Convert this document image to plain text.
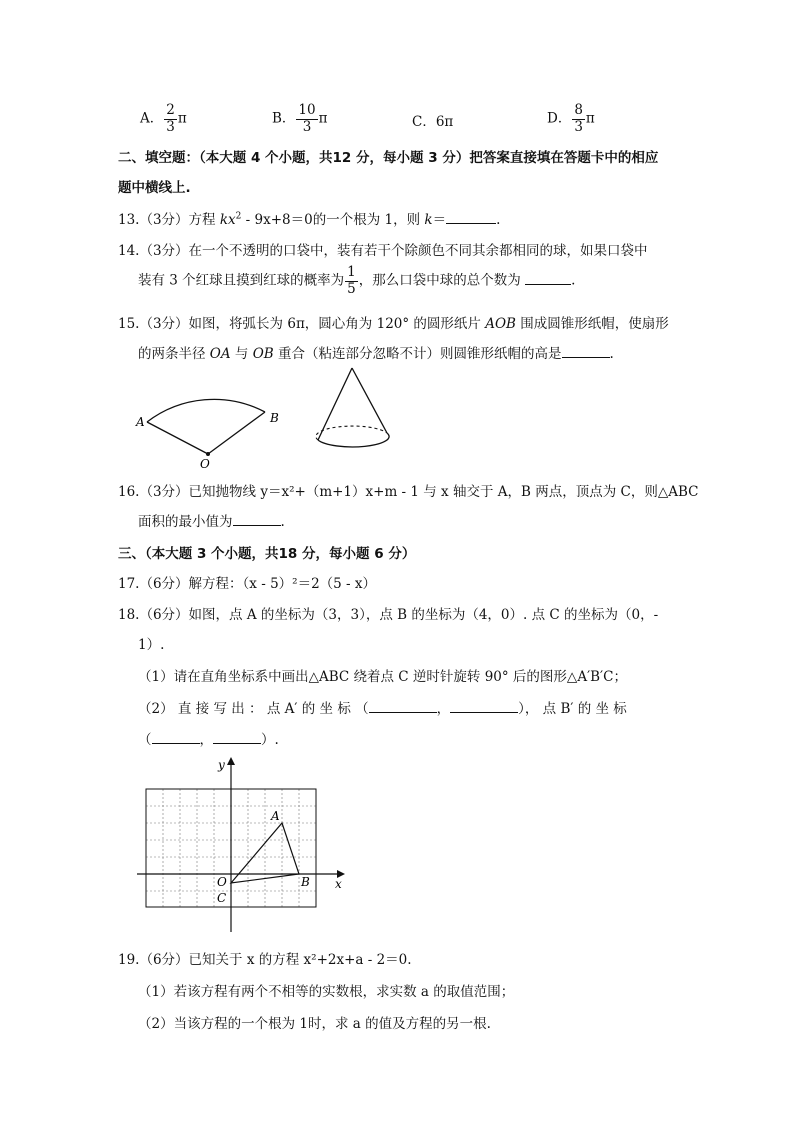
A． $\frac{2}{3}$ π	B． $\frac{10}{3}$ π	C．6π	D． $\frac{8}{3}$ π
二、填空题：（本大题 4 个小题，共12 分，每小题 3 分）把答案直接填在答题卡中的相应
题中横线上.
13.（3分）方程 $kx^2 - 9x+8=0$的一个根为 1，则 k＝	.
14.（3分）在一个不透明的口袋中，装有若干个除颜色不同其余都相同的球，如果口袋中
装有 3 个红球且摸到红球的概率为 $\frac{1}{5}$ ，那么口袋中球的总个数为	.
15.（3分）如图，将弧长为 6π，圆心角为 120° 的圆形纸片 AOB 围成圆锥形纸帽，使扇形
的两条半径 OA 与 OB 重合（粘连部分忽略不计）则圆锥形纸帽的高是	.
A	B
O
16.（3分）已知抛物线 y＝x²+（m+1）x+m - 1 与 x 轴交于 A，B 两点，顶点为 C，则△ABC
面积的最小值为	.
三、（本大题 3 个小题，共18 分，每小题 6 分）
17.（6分）解方程：（x - 5）²＝2（5 - x）
18.（6分）如图，点 A 的坐标为（3，3），点 B 的坐标为（4，0）. 点 C 的坐标为（0，-
1）.
（1）请在直角坐标系中画出△ABC 绕着点 C 逆时针旋转 90° 后的图形△A′B′C；
（2） 直 接 写 出 ： 点 A′ 的 坐 标 （	，	）， 点 B′ 的 坐 标
（	，	）.
y
x
A
B
O
C
19.（6分）已知关于 x 的方程 x²+2x+a - 2＝0.
（1）若该方程有两个不相等的实数根，求实数 a 的取值范围；
（2）当该方程的一个根为 1时，求 a 的值及方程的另一根.
